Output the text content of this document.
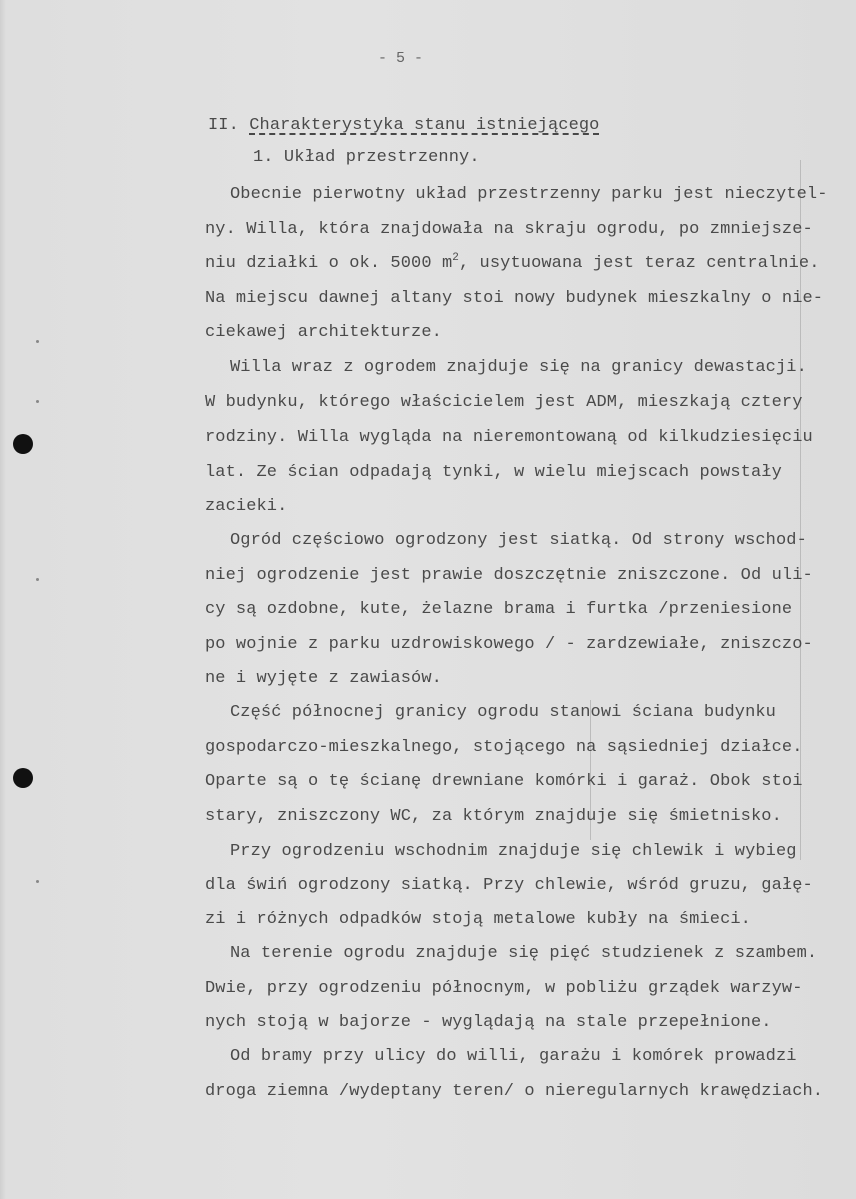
- 5 -
II. Charakterystyka stanu istniejącego
1. Układ przestrzenny.
Obecnie pierwotny układ przestrzenny parku jest nieczytel-
ny. Willa, która znajdowała na skraju ogrodu, po zmniejsze-
niu działki o ok. 5000 $m^2$, usytuowana jest teraz centralnie.
Na miejscu dawnej altany stoi nowy budynek mieszkalny o nie-
ciekawej architekturze.
Willa wraz z ogrodem znajduje się na granicy dewastacji.
W budynku, którego właścicielem jest ADM, mieszkają cztery
rodziny. Willa wygląda na nieremontowaną od kilkudziesięciu
lat. Ze ścian odpadają tynki, w wielu miejscach powstały
zacieki.
Ogród częściowo ogrodzony jest siatką. Od strony wschod-
niej ogrodzenie jest prawie doszczętnie zniszczone. Od uli-
cy są ozdobne, kute, żelazne brama i furtka /przeniesione
po wojnie z parku uzdrowiskowego / - zardzewiałe, zniszczo-
ne i wyjęte z zawiasów.
Część północnej granicy ogrodu stanowi ściana budynku
gospodarczo-mieszkalnego, stojącego na sąsiedniej działce.
Oparte są o tę ścianę drewniane komórki i garaż. Obok stoi
stary, zniszczony WC, za którym znajduje się śmietnisko.
Przy ogrodzeniu wschodnim znajduje się chlewik i wybieg
dla świń ogrodzony siatką. Przy chlewie, wśród gruzu, gałę-
zi i różnych odpadków stoją metalowe kubły na śmieci.
Na terenie ogrodu znajduje się pięć studzienek z szambem.
Dwie, przy ogrodzeniu północnym, w pobliżu grządek warzyw-
nych stoją w bajorze - wyglądają na stale przepełnione.
Od bramy przy ulicy do willi, garażu i komórek prowadzi
droga ziemna /wydeptany teren/ o nieregularnych krawędziach.
